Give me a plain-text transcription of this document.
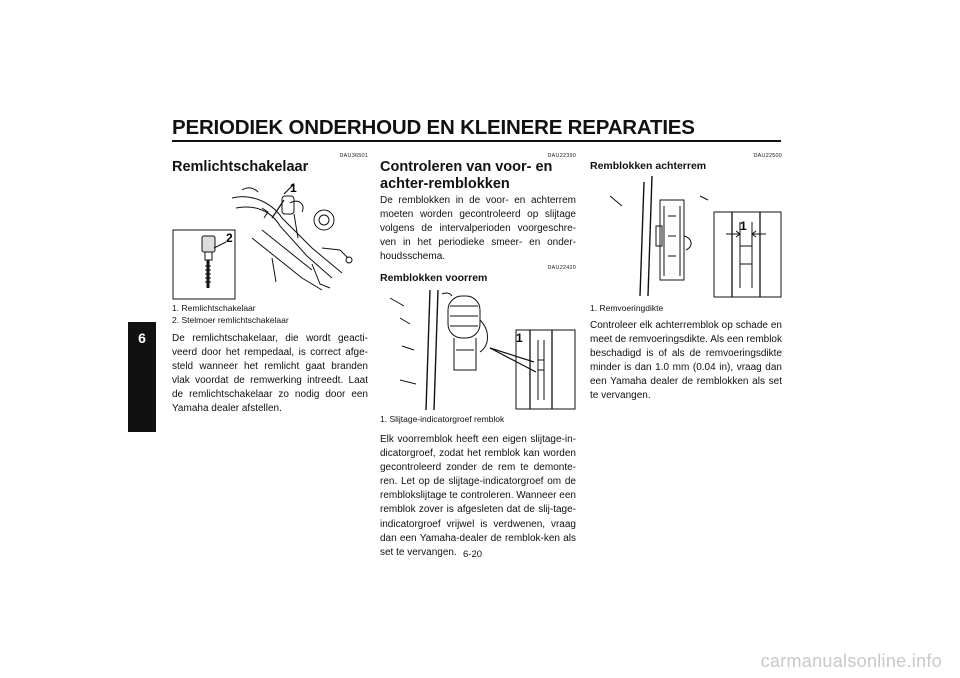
PERIODIEK ONDERHOUD EN KLEINERE REPARATIES
6
DAU36501
Remlichtschakelaar
1
2
1. Remlichtschakelaar
2. Stelmoer remlichtschakelaar
De remlichtschakelaar, die wordt geacti-veerd door het rempedaal, is correct afge-steld wanneer het remlicht gaat branden vlak voordat de remwerking intreedt. Laat de remlichtschakelaar zo nodig door een Yamaha dealer afstellen.
DAU22390
Controleren van voor- en achter-remblokken
De remblokken in de voor- en achterrem moeten worden gecontroleerd op slijtage volgens de intervalperioden voorgeschre-ven in het periodieke smeer- en onder-houdsschema.
DAU22420
Remblokken voorrem
1
1. Slijtage-indicatorgroef remblok
Elk voorremblok heeft een eigen slijtage-in-dicatorgroef, zodat het remblok kan worden gecontroleerd zonder de rem te demonte-ren. Let op de slijtage-indicatorgroef om de remblokslijtage te controleren. Wanneer een remblok zover is afgesleten dat de slij-tage-indicatorgroef vrijwel is verdwenen, vraag dan een Yamaha-dealer de remblok-ken als set te vervangen.
DAU22500
Remblokken achterrem
1
1. Remvoeringdikte
Controleer elk achterremblok op schade en meet de remvoeringsdikte. Als een remblok beschadigd is of als de remvoeringsdikte minder is dan 1.0 mm (0.04 in), vraag dan een Yamaha dealer de remblokken als set te vervangen.
6-20
carmanualsonline.info
